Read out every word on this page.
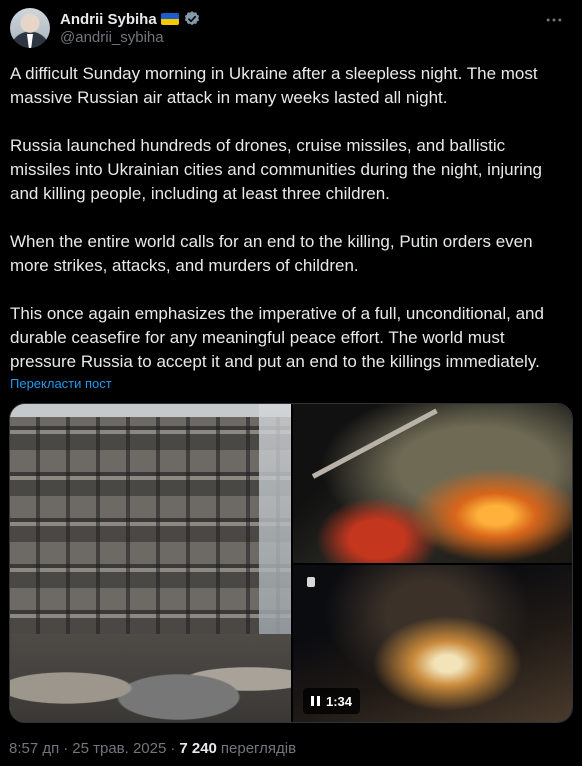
Andrii Sybiha
@andrii_sybiha

A difficult Sunday morning in Ukraine after a sleepless night. The most massive Russian air attack in many weeks lasted all night.

Russia launched hundreds of drones, cruise missiles, and ballistic missiles into Ukrainian cities and communities during the night, injuring and killing people, including at least three children.

When the entire world calls for an end to the killing, Putin orders even more strikes, attacks, and murders of children.

This once again emphasizes the imperative of a full, unconditional, and durable ceasefire for any meaningful peace effort. The world must pressure Russia to accept it and put an end to the killings immediately.

Перекласти пост
1:34
8:57 дп · 25 трав. 2025 · 7 240 переглядів
